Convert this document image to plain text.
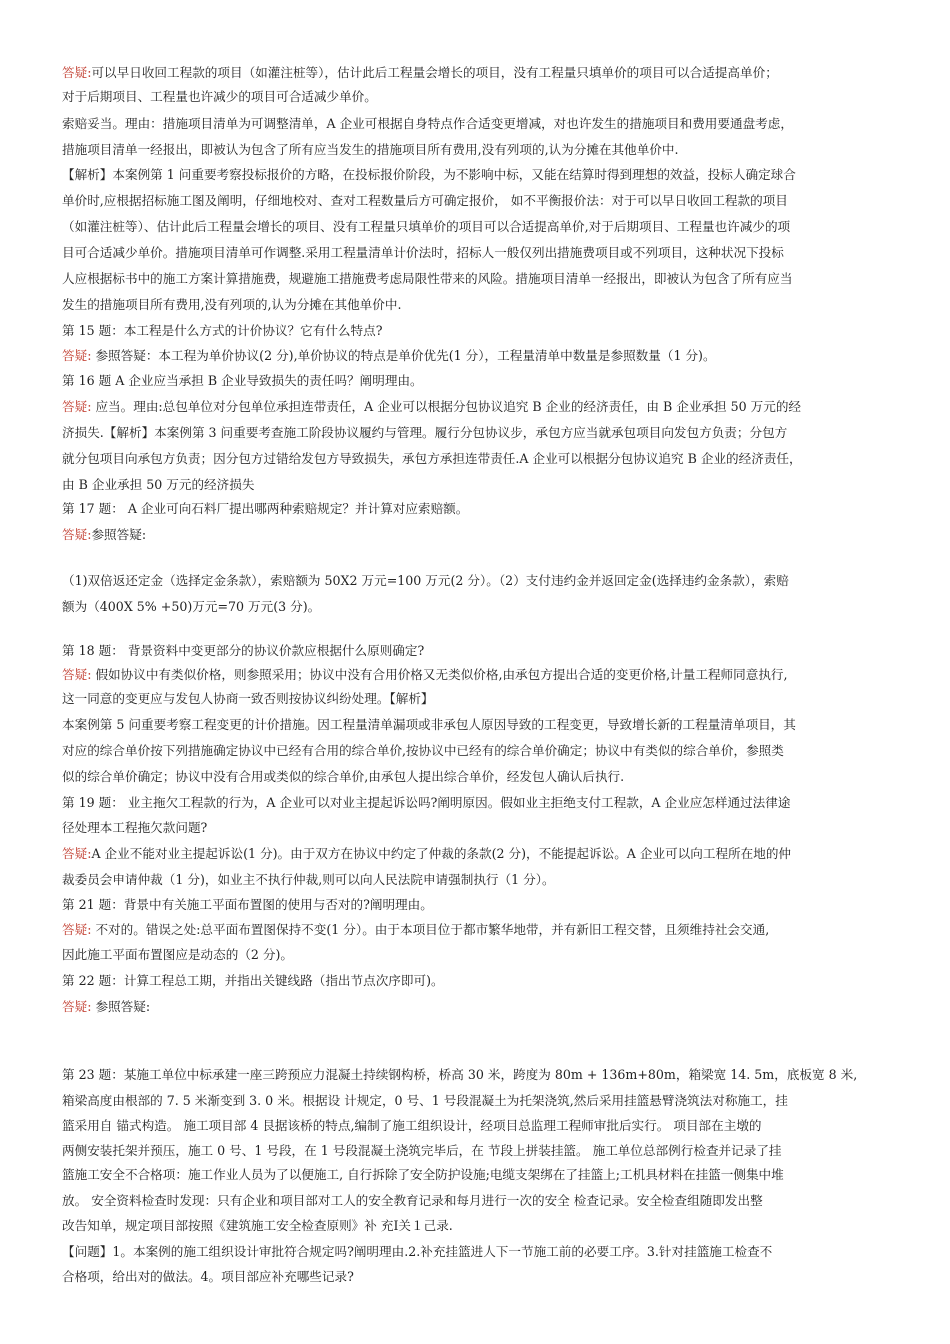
答疑:可以早日收回工程款的项目（如灌注桩等），估计此后工程量会增长的项目，没有工程量只填单价的项目可以合适提高单价；
对于后期项目、工程量也许减少的项目可合适减少单价。
索赔妥当。理由：措施项目清单为可调整清单，A 企业可根据自身特点作合适变更增减，对也许发生的措施项目和费用要通盘考虑，
措施项目清单一经报出，即被认为包含了所有应当发生的措施项目所有费用,没有列项的,认为分摊在其他单价中.
【解析】本案例第 1 问重要考察投标报价的方略，在投标报价阶段，为不影响中标，又能在结算时得到理想的效益，投标人确定球合
单价时,应根据招标施工图及阐明，仔细地校对、查对工程数量后方可确定报价， 如不平衡报价法：对于可以早日收回工程款的项目
（如灌注桩等）、估计此后工程量会增长的项目、没有工程量只填单价的项目可以合适提高单价,对于后期项目、工程量也许减少的项
目可合适减少单价。措施项目清单可作调整.采用工程量清单计价法时，招标人一般仅列出措施费项目或不列项目，这种状况下投标
人应根据标书中的施工方案计算措施费，规避施工措施费考虑局限性带来的风险。措施项目清单一经报出，即被认为包含了所有应当
发生的措施项目所有费用,没有列项的,认为分摊在其他单价中.
第 15 题：本工程是什么方式的计价协议？它有什么特点?
答疑: 参照答疑：本工程为单价协议(2 分),单价协议的特点是单价优先(1 分），工程量清单中数量是参照数量（1 分)。
第 16 题 A 企业应当承担 B 企业导致损失的责任吗？阐明理由。
答疑: 应当。理由:总包单位对分包单位承担连带责任，A 企业可以根据分包协议追究 B 企业的经济责任，由 B 企业承担 50 万元的经
济损失.【解析】本案例第 3 问重要考查施工阶段协议履约与管理。履行分包协议步，承包方应当就承包项目向发包方负责；分包方
就分包项目向承包方负责；因分包方过错给发包方导致损失，承包方承担连带责任.A 企业可以根据分包协议追究 B 企业的经济责任，
由 B 企业承担 50 万元的经济损失
第 17 题： A 企业可向石料厂提出哪两种索赔规定？并计算对应索赔额。
答疑:参照答疑:
（1)双倍返还定金（选择定金条款），索赔额为 50X2 万元=100 万元(2 分）。（2）支付违约金并返回定金(选择违约金条款），索赔
额为（400X 5% +50)万元=70 万元(3 分)。
第 18 题： 背景资料中变更部分的协议价款应根据什么原则确定?
答疑: 假如协议中有类似价格，则参照采用；协议中没有合用价格又无类似价格,由承包方提出合适的变更价格,计量工程师同意执行,
这一同意的变更应与发包人协商一致否则按协议纠纷处理。【解析】
本案例第 5 问重要考察工程变更的计价措施。因工程量清单漏项或非承包人原因导致的工程变更，导致增长新的工程量清单项目，其
对应的综合单价按下列措施确定协议中已经有合用的综合单价,按协议中已经有的综合单价确定；协议中有类似的综合单价，参照类
似的综合单价确定；协议中没有合用或类似的综合单价,由承包人提出综合单价，经发包人确认后执行.
第 19 题： 业主拖欠工程款的行为，A 企业可以对业主提起诉讼吗?阐明原因。假如业主拒绝支付工程款，A 企业应怎样通过法律途
径处理本工程拖欠款问题?
答疑:A 企业不能对业主提起诉讼(1 分)。由于双方在协议中约定了仲裁的条款(2 分)，不能提起诉讼。A 企业可以向工程所在地的仲
裁委员会申请仲裁（1 分)，如业主不执行仲裁,则可以向人民法院申请强制执行（1 分）。
第 21 题：背景中有关施工平面布置图的使用与否对的?阐明理由。
答疑: 不对的。错误之处:总平面布置图保持不变(1 分）。由于本项目位于都市繁华地带，并有新旧工程交替，且须维持社会交通,
因此施工平面布置图应是动态的（2 分)。
第 22 题：计算工程总工期，并指出关键线路（指出节点次序即可)。
答疑: 参照答疑:
第 23 题：某施工单位中标承建一座三跨预应力混凝土持续钢构桥，桥高 30 米，跨度为 80m + 136m+80m，箱梁宽 14. 5m，底板宽 8 米,
箱梁高度由根部的 7. 5 米渐变到 3. 0 米。根据设 计规定，0 号、1 号段混凝土为托架浇筑,然后采用挂篮悬臂浇筑法对称施工，挂
篮采用自 锚式构造。 施工项目部 4 艮据该桥的特点,编制了施工组织设计，经项目总监理工程师审批后实行。 项目部在主墩的
两侧安装托架并预压，施工 0 号、1 号段，在 1 号段混凝土浇筑完毕后，在 节段上拼装挂篮。 施工单位总部例行检查并记录了挂
篮施工安全不合格项：施工作业人员为了以便施工, 自行拆除了安全防护设施;电缆支架绑在了挂篮上;工机具材料在挂篮一侧集中堆
放。 安全资料检查时发现：只有企业和项目部对工人的安全教育记录和每月进行一次的安全 检查记录。安全检查组随即发出整
改告知单，规定项目部按照《建筑施工安全检查原则》补 充Ⅰ关１己录.
【问题】1。本案例的施工组织设计审批符合规定吗?阐明理由.2.补充挂篮进人下一节施工前的必要工序。3.针对挂篮施工检查不
合格项，给出对的做法。4。项目部应补充哪些记录?
